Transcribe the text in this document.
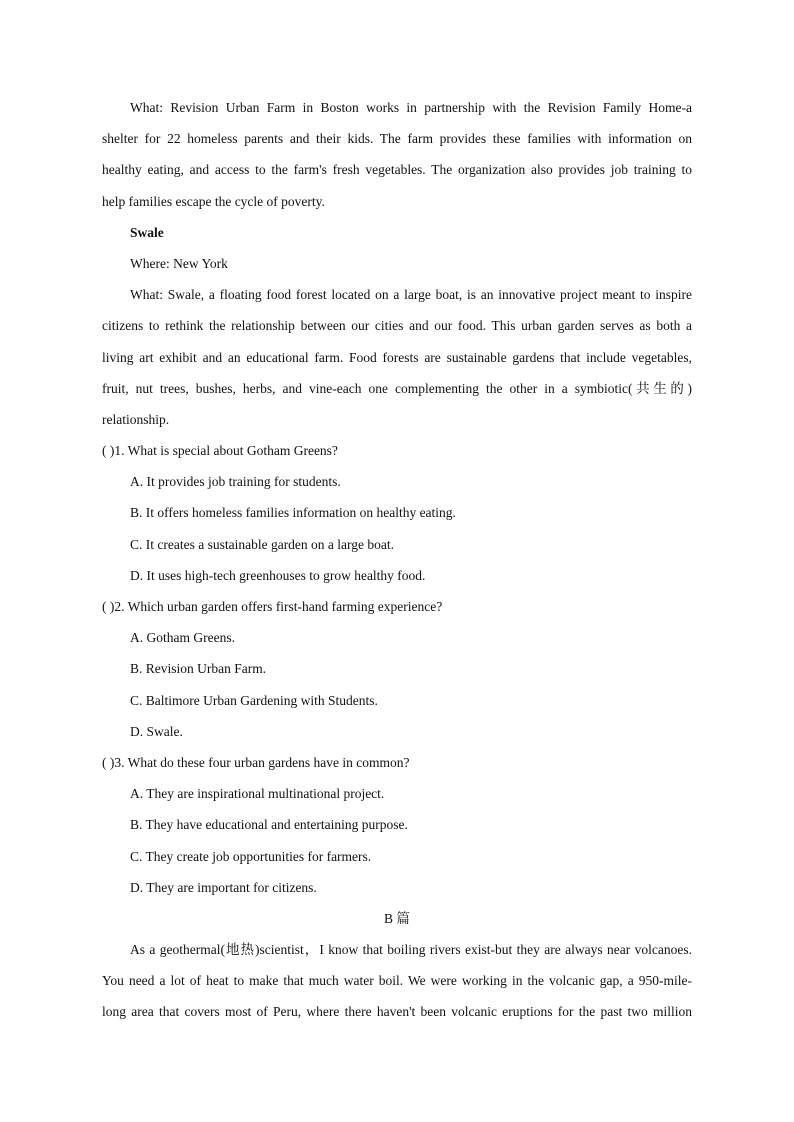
What: Revision Urban Farm in Boston works in partnership with the Revision Family Home-a
shelter for 22 homeless parents and their kids. The farm provides these families with information on
healthy eating, and access to the farm's fresh vegetables. The organization also provides job training to
help families escape the cycle of poverty.
Swale
Where: New York
What: Swale, a floating food forest located on a large boat, is an innovative project meant to inspire
citizens to rethink the relationship between our cities and our food. This urban garden serves as both a
living art exhibit and an educational farm. Food forests are sustainable gardens that include vegetables,
fruit, nut trees, bushes, herbs, and vine-each one complementing the other in a symbiotic(共生的)
relationship.
( )1. What is special about Gotham Greens?
A. It provides job training for students.
B. It offers homeless families information on healthy eating.
C. It creates a sustainable garden on a large boat.
D. It uses high-tech greenhouses to grow healthy food.
( )2. Which urban garden offers first-hand farming experience?
A. Gotham Greens.
B. Revision Urban Farm.
C. Baltimore Urban Gardening with Students.
D. Swale.
( )3. What do these four urban gardens have in common?
A. They are inspirational multinational project.
B. They have educational and entertaining purpose.
C. They create job opportunities for farmers.
D. They are important for citizens.
B 篇
As a geothermal(地热)scientist，I know that boiling rivers exist-but they are always near volcanoes.
You need a lot of heat to make that much water boil. We were working in the volcanic gap, a 950-mile-
long area that covers most of Peru, where there haven't been volcanic eruptions for the past two million
